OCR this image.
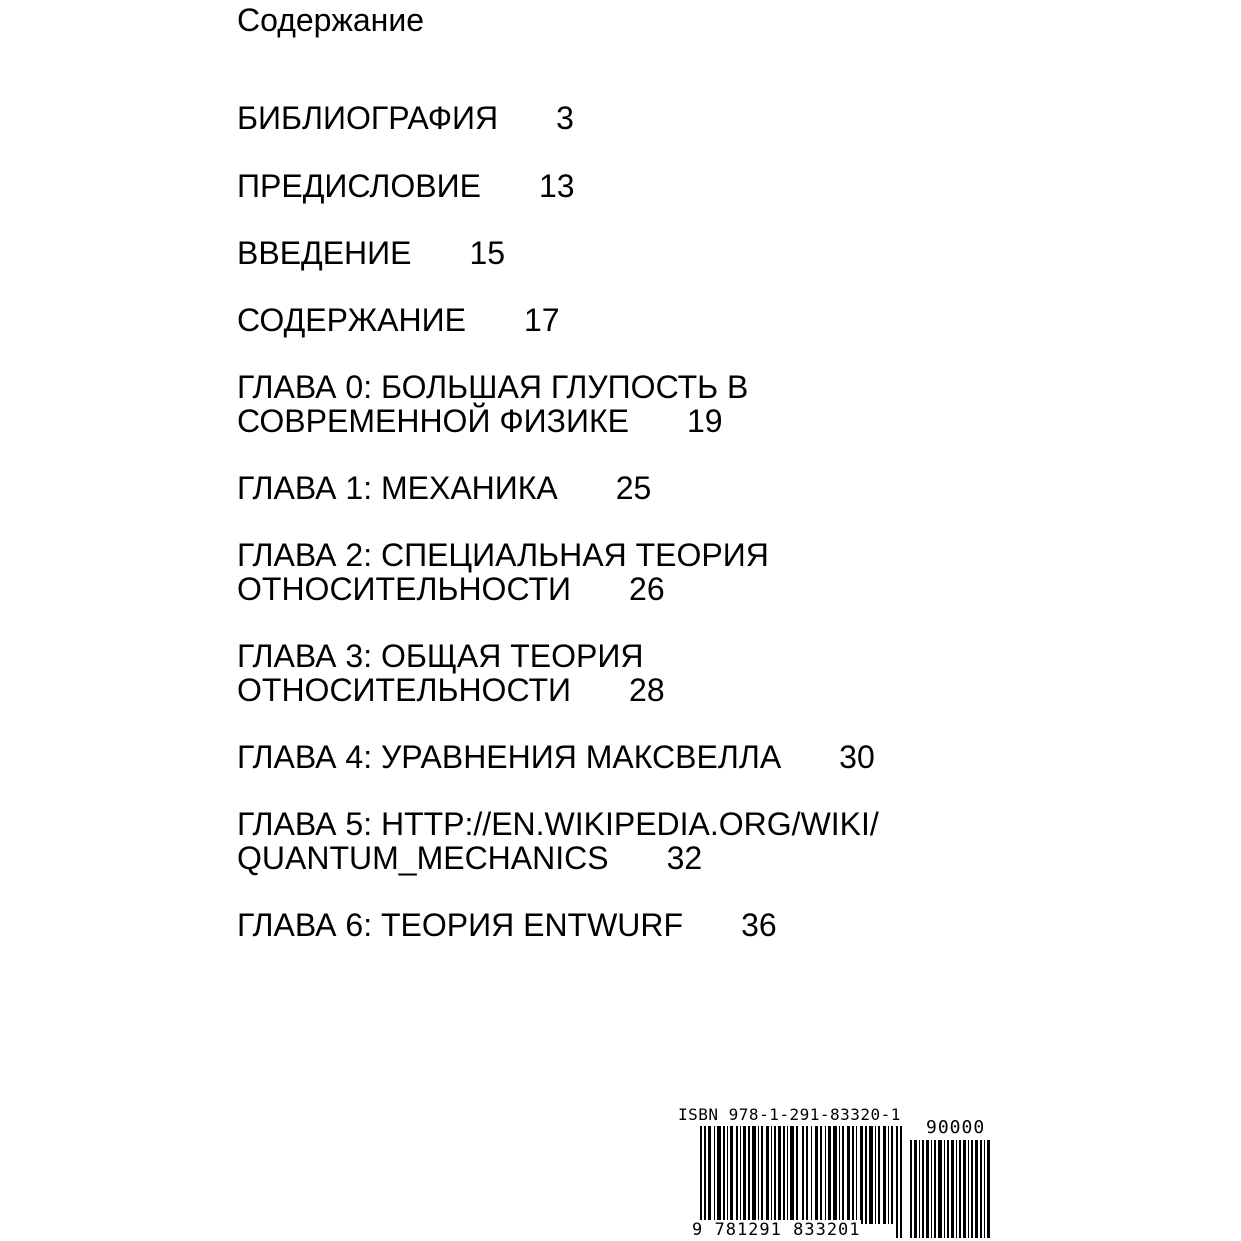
Содержание
БИБЛИОГРАФИЯ 3
ПРЕДИСЛОВИЕ 13
ВВЕДЕНИЕ 15
СОДЕРЖАНИЕ 17
ГЛАВА 0: БОЛЬШАЯ ГЛУПОСТЬ В
СОВРЕМЕННОЙ ФИЗИКЕ 19
ГЛАВА 1: МЕХАНИКА 25
ГЛАВА 2: СПЕЦИАЛЬНАЯ ТЕОРИЯ
ОТНОСИТЕЛЬНОСТИ 26
ГЛАВА 3: ОБЩАЯ ТЕОРИЯ
ОТНОСИТЕЛЬНОСТИ 28
ГЛАВА 4: УРАВНЕНИЯ МАКСВЕЛЛА 30
ГЛАВА 5: HTTP://EN.WIKIPEDIA.ORG/WIKI/
QUANTUM_MECHANICS 32
ГЛАВА 6: ТЕОРИЯ ENTWURF 36
ISBN 978-1-291-83320-1
90000
9 781291 833201
